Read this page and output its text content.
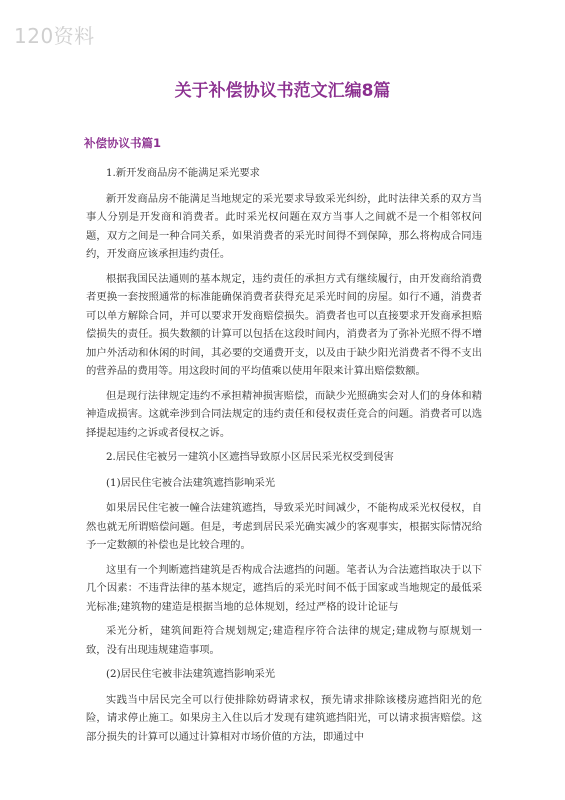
120资料
关于补偿协议书范文汇编8篇
补偿协议书篇1

1.新开发商品房不能满足采光要求

新开发商品房不能满足当地规定的采光要求导致采光纠纷，此时法律关系的双方当事人分别是开发商和消费者。此时采光权问题在双方当事人之间就不是一个相邻权问题，双方之间是一种合同关系，如果消费者的采光时间得不到保障，那么将构成合同违约，开发商应该承担违约责任。

根据我国民法通则的基本规定，违约责任的承担方式有继续履行，由开发商给消费者更换一套按照通常的标准能确保消费者获得充足采光时间的房屋。如行不通，消费者可以单方解除合同，并可以要求开发商赔偿损失。消费者也可以直接要求开发商承担赔偿损失的责任。损失数额的计算可以包括在这段时间内，消费者为了弥补光照不得不增加户外活动和休闲的时间，其必要的交通费开支，以及由于缺少阳光消费者不得不支出的营养品的费用等。用这段时间的平均值乘以使用年限来计算出赔偿数额。

但是现行法律规定违约不承担精神损害赔偿，而缺少光照确实会对人们的身体和精神造成损害。这就牵涉到合同法规定的违约责任和侵权责任竞合的问题。消费者可以选择提起违约之诉或者侵权之诉。

2.居民住宅被另一建筑小区遮挡导致原小区居民采光权受到侵害

(1)居民住宅被合法建筑遮挡影响采光

如果居民住宅被一幢合法建筑遮挡，导致采光时间减少，不能构成采光权侵权，自然也就无所谓赔偿问题。但是，考虑到居民采光确实减少的客观事实，根据实际情况给予一定数额的补偿也是比较合理的。

这里有一个判断遮挡建筑是否构成合法遮挡的问题。笔者认为合法遮挡取决于以下几个因素：不违背法律的基本规定，遮挡后的采光时间不低于国家或当地规定的最低采光标准;建筑物的建造是根据当地的总体规划，经过严格的设计论证与

采光分析，建筑间距符合规划规定;建造程序符合法律的规定;建成物与原规划一致，没有出现违规建造事项。

(2)居民住宅被非法建筑遮挡影响采光

实践当中居民完全可以行使排除妨碍请求权，预先请求排除该楼房遮挡阳光的危险，请求停止施工。如果房主入住以后才发现有建筑遮挡阳光，可以请求损害赔偿。这部分损失的计算可以通过计算相对市场价值的方法，即通过中
